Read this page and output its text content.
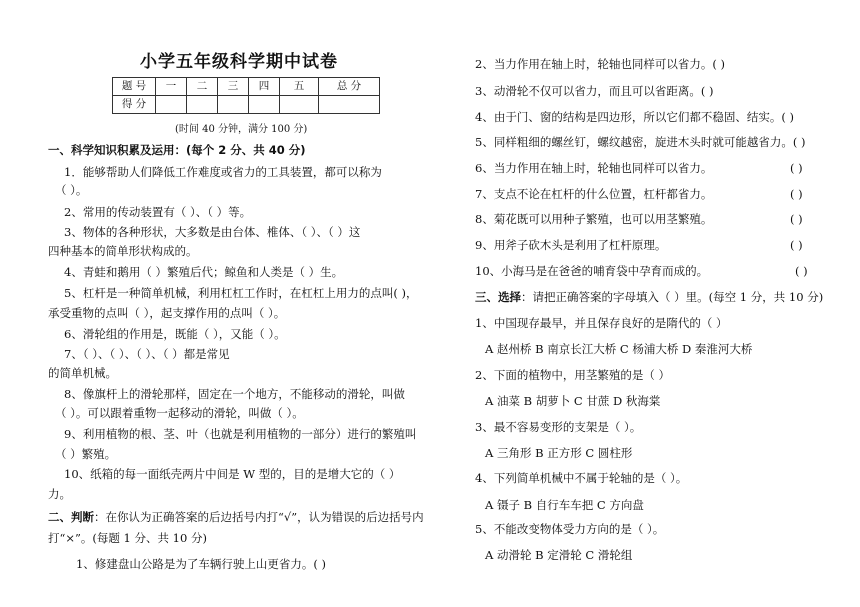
小学五年级科学期中试卷
题 号	一	二	三	四	五	总 分
得 分						
(时间 40 分钟，满分 100 分)
一、科学知识积累及运用：(每个 2 分、共 40 分)
1．能够帮助人们降低工作难度或省力的工具装置，都可以称为
（ ）。
2、常用的传动装置有（ ）、（ ）等。
3、物体的各种形状，大多数是由台体、椎体、（ ）、（ ）这
四种基本的简单形状构成的。
4、青蛙和鹅用（ ）繁殖后代；鲸鱼和人类是（ ）生。
5、杠杆是一种简单机械，利用杠杠工作时，在杠杠上用力的点叫( )，
承受重物的点叫（ ），起支撑作用的点叫（ ）。
6、滑轮组的作用是，既能（ ），又能（ ）。
7、（ ）、（ ）、（ ）、（ ）都是常见
的简单机械。
8、像旗杆上的滑轮那样，固定在一个地方，不能移动的滑轮，叫做
（ ）。可以跟着重物一起移动的滑轮，叫做（ ）。
9、利用植物的根、茎、叶（也就是利用植物的一部分）进行的繁殖叫
（ ）繁殖。
10、纸箱的每一面纸壳两片中间是 W 型的，目的是增大它的（ ）
力。
二、判断：在你认为正确答案的后边括号内打“√”，认为错误的后边括号内
打“×”。(每题 1 分、共 10 分)
1、修建盘山公路是为了车辆行驶上山更省力。( )
2、当力作用在轴上时，轮轴也同样可以省力。( )
3、动滑轮不仅可以省力，而且可以省距离。( )
4、由于门、窗的结构是四边形，所以它们都不稳固、结实。( )
5、同样粗细的螺丝钉，螺纹越密，旋进木头时就可能越省力。( )
6、当力作用在轴上时，轮轴也同样可以省力。	( )
7、支点不论在杠杆的什么位置，杠杆都省力。	( )
8、菊花既可以用种子繁殖，也可以用茎繁殖。	( )
9、用斧子砍木头是利用了杠杆原理。	( )
10、小海马是在爸爸的哺育袋中孕育而成的。	( )
三、选择：请把正确答案的字母填入（ ）里。(每空 1 分，共 10 分)
1、中国现存最早，并且保存良好的是隋代的（ ）
A 赵州桥 B 南京长江大桥 C 杨浦大桥 D 秦淮河大桥
2、下面的植物中，用茎繁殖的是（ ）
A 油菜 B 胡萝卜 C 甘蔗 D 秋海棠
3、最不容易变形的支架是（ ）。
A 三角形 B 正方形 C 圆柱形
4、下列简单机械中不属于轮轴的是（ ）。
A 镊子 B 自行车车把 C 方向盘
5、不能改变物体受力方向的是（ ）。
A 动滑轮 B 定滑轮 C 滑轮组
